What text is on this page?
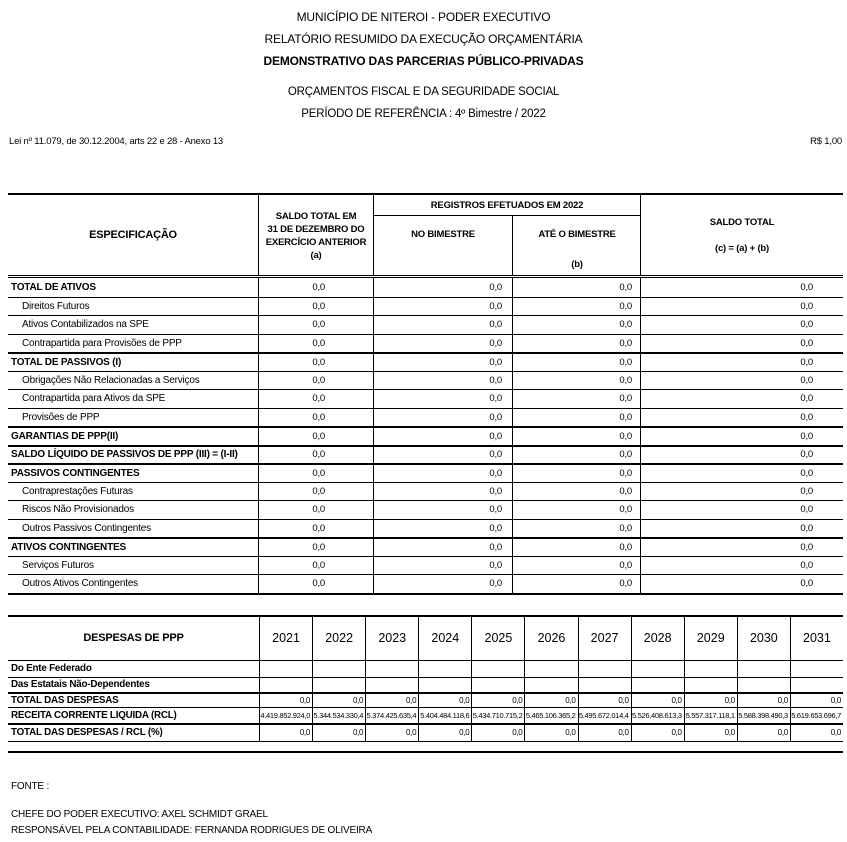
MUNICÍPIO DE NITEROI - PODER EXECUTIVO
RELATÓRIO RESUMIDO DA EXECUÇÃO ORÇAMENTÁRIA
DEMONSTRATIVO DAS PARCERIAS PÚBLICO-PRIVADAS
ORÇAMENTOS FISCAL E DA SEGURIDADE SOCIAL
PERÍODO DE REFERÊNCIA : 4º Bimestre / 2022
Lei nº 11.079, de 30.12.2004, arts 22 e 28 - Anexo 13	R$ 1,00
ESPECIFICAÇÃO
SALDO TOTAL EM
31 DE DEZEMBRO DO
EXERCÍCIO ANTERIOR
(a)
REGISTROS EFETUADOS EM 2022
NO BIMESTRE	ATÉ O BIMESTRE
(b)
SALDO TOTAL
(c) = (a) + (b)
TOTAL DE ATIVOS	0,0	0,0	0,0	0,0
Direitos Futuros	0,0	0,0	0,0	0,0
Ativos Contabilizados na SPE	0,0	0,0	0,0	0,0
Contrapartida para Provisões de PPP	0,0	0,0	0,0	0,0
TOTAL DE PASSIVOS (I)	0,0	0,0	0,0	0,0
Obrigações Não Relacionadas a Serviços	0,0	0,0	0,0	0,0
Contrapartida para Ativos da SPE	0,0	0,0	0,0	0,0
Provisões de PPP	0,0	0,0	0,0	0,0
GARANTIAS DE PPP(II)	0,0	0,0	0,0	0,0
SALDO LÍQUIDO DE PASSIVOS DE PPP (III) = (I-II)	0,0	0,0	0,0	0,0
PASSIVOS CONTINGENTES	0,0	0,0	0,0	0,0
Contraprestações Futuras	0,0	0,0	0,0	0,0
Riscos Não Provisionados	0,0	0,0	0,0	0,0
Outros Passivos Contingentes	0,0	0,0	0,0	0,0
ATIVOS CONTINGENTES	0,0	0,0	0,0	0,0
Serviços Futuros	0,0	0,0	0,0	0,0
Outros Ativos Contingentes	0,0	0,0	0,0	0,0
DESPESAS DE PPP	2021	2022	2023	2024	2025	2026	2027	2028	2029	2030	2031
Do Ente Federado
Das Estatais Não-Dependentes
TOTAL DAS DESPESAS	0,0	0,0	0,0	0,0	0,0	0,0	0,0	0,0	0,0	0,0	0,0
RECEITA CORRENTE LIQUIDA (RCL)	4.419.852.924,0 5.344.534.330,4 5.374.425.635,4 5.404.484.118,6 5.434.710.715,2 5.465.106.365,2 5.495.672.014,4 5.526.408.613,3 5.557.317.118,1 5.588.398.490,3 5.619.653.696,7
TOTAL DAS DESPESAS / RCL (%)	0,0	0,0	0,0	0,0	0,0	0,0	0,0	0,0	0,0	0,0	0,0
FONTE :
CHEFE DO PODER EXECUTIVO: AXEL SCHMIDT GRAEL
RESPONSÁVEL PELA CONTABILIDADE: FERNANDA RODRIGUES DE OLIVEIRA
